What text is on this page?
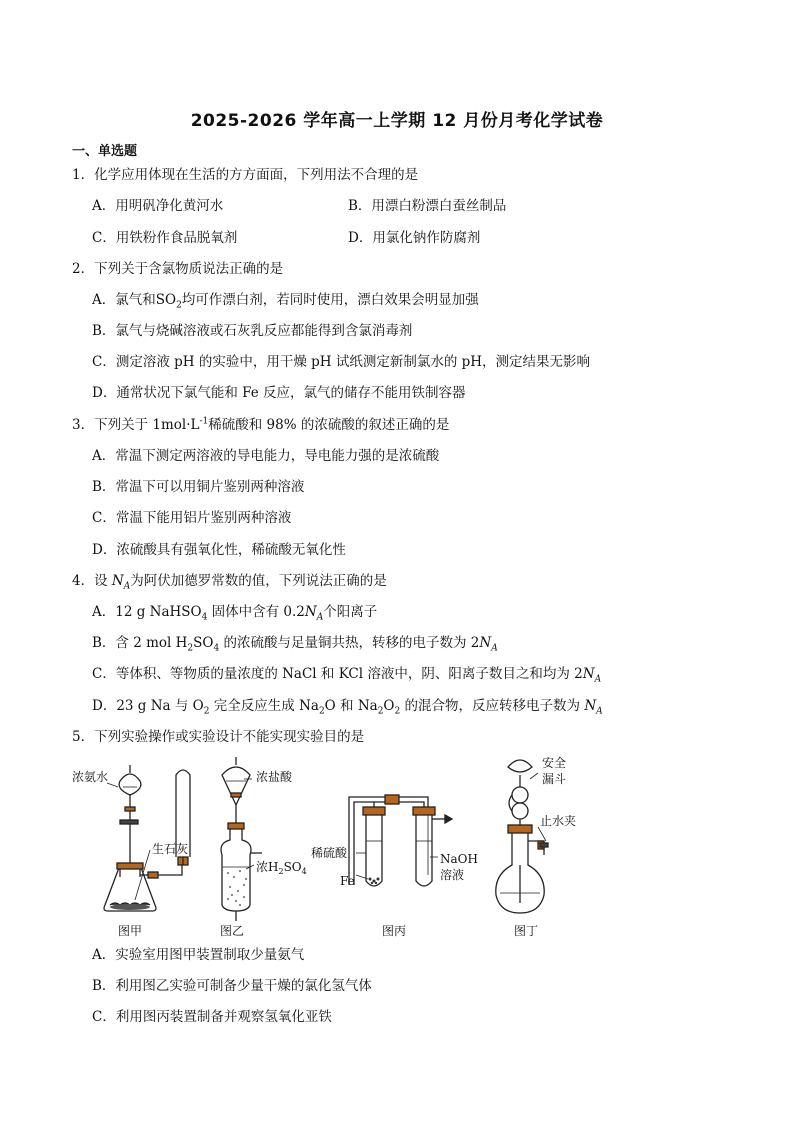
2025-2026 学年高一上学期 12 月份月考化学试卷
一、单选题
1．化学应用体现在生活的方方面面，下列用法不合理的是
A．用明矾净化黄河水	B．用漂白粉漂白蚕丝制品
C．用铁粉作食品脱氧剂	D．用氯化钠作防腐剂
2．下列关于含氯物质说法正确的是
A．氯气和$SO_2$均可作漂白剂，若同时使用，漂白效果会明显加强
B．氯气与烧碱溶液或石灰乳反应都能得到含氯消毒剂
C．测定溶液 pH 的实验中，用干燥 pH 试纸测定新制氯水的 pH，测定结果无影响
D．通常状况下氯气能和 Fe 反应，氯气的储存不能用铁制容器
3．下列关于 $1mol\cdot L^{-1}$稀硫酸和 98% 的浓硫酸的叙述正确的是
A．常温下测定两溶液的导电能力，导电能力强的是浓硫酸
B．常温下可以用铜片鉴别两种溶液
C．常温下能用铝片鉴别两种溶液
D．浓硫酸具有强氧化性，稀硫酸无氧化性
4．设 $N_A$为阿伏加德罗常数的值，下列说法正确的是
A．12 g NaHSO$_4$ 固体中含有 $0.2N_A$个阳离子
B．含 2 mol $H_2SO_4$ 的浓硫酸与足量铜共热，转移的电子数为 $2N_A$
C．等体积、等物质的量浓度的 NaCl 和 KCl 溶液中，阴、阳离子数目之和均为 $2N_A$
D．23 g Na 与 $O_2$ 完全反应生成 $Na_2O$ 和 $Na_2O_2$ 的混合物，反应转移电子数为 $N_A$
5．下列实验操作或实验设计不能实现实验目的是
浓氨水
生石灰
图甲
浓盐酸
浓$H_2SO_4$
图乙
稀硫酸
Fe
NaOH
溶液
图丙
安全
漏斗
止水夹
图丁
A．实验室用图甲装置制取少量氨气
B．利用图乙实验可制备少量干燥的氯化氢气体
C．利用图丙装置制备并观察氢氧化亚铁
